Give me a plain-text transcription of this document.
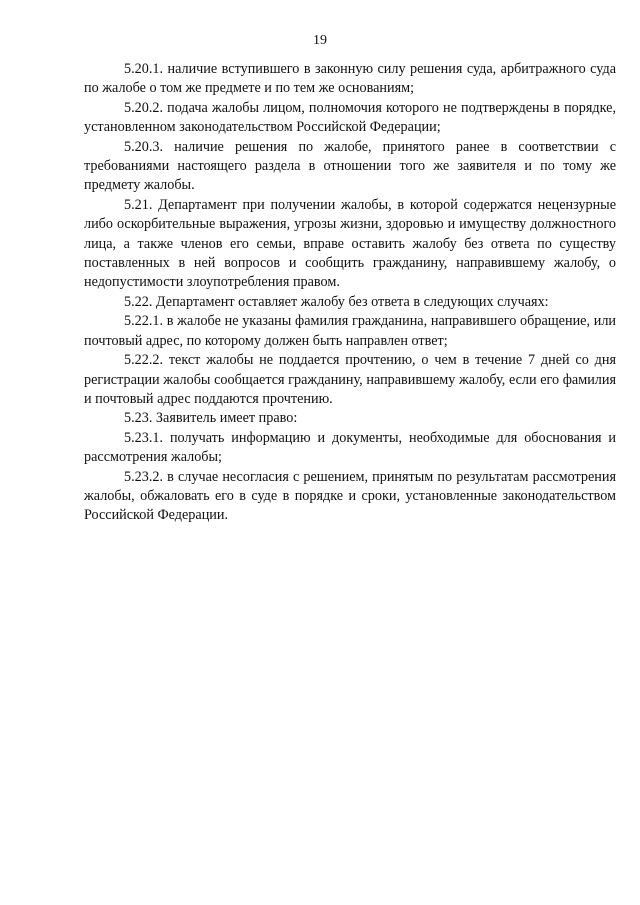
19

5.20.1. наличие вступившего в законную силу решения суда, арбитражного суда по жалобе о том же предмете и по тем же основаниям;

5.20.2. подача жалобы лицом, полномочия которого не подтверждены в порядке, установленном законодательством Российской Федерации;

5.20.3. наличие решения по жалобе, принятого ранее в соответствии с требованиями настоящего раздела в отношении того же заявителя и по тому же предмету жалобы.

5.21. Департамент при получении жалобы, в которой содержатся нецензурные либо оскорбительные выражения, угрозы жизни, здоровью и имуществу должностного лица, а также членов его семьи, вправе оставить жалобу без ответа по существу поставленных в ней вопросов и сообщить гражданину, направившему жалобу, о недопустимости злоупотребления правом.

5.22. Департамент оставляет жалобу без ответа в следующих случаях:

5.22.1. в жалобе не указаны фамилия гражданина, направившего обращение, или почтовый адрес, по которому должен быть направлен ответ;

5.22.2. текст жалобы не поддается прочтению, о чем в течение 7 дней со дня регистрации жалобы сообщается гражданину, направившему жалобу, если его фамилия и почтовый адрес поддаются прочтению.

5.23. Заявитель имеет право:

5.23.1. получать информацию и документы, необходимые для обоснования и рассмотрения жалобы;

5.23.2. в случае несогласия с решением, принятым по результатам рассмотрения жалобы, обжаловать его в суде в порядке и сроки, установленные законодательством Российской Федерации.
